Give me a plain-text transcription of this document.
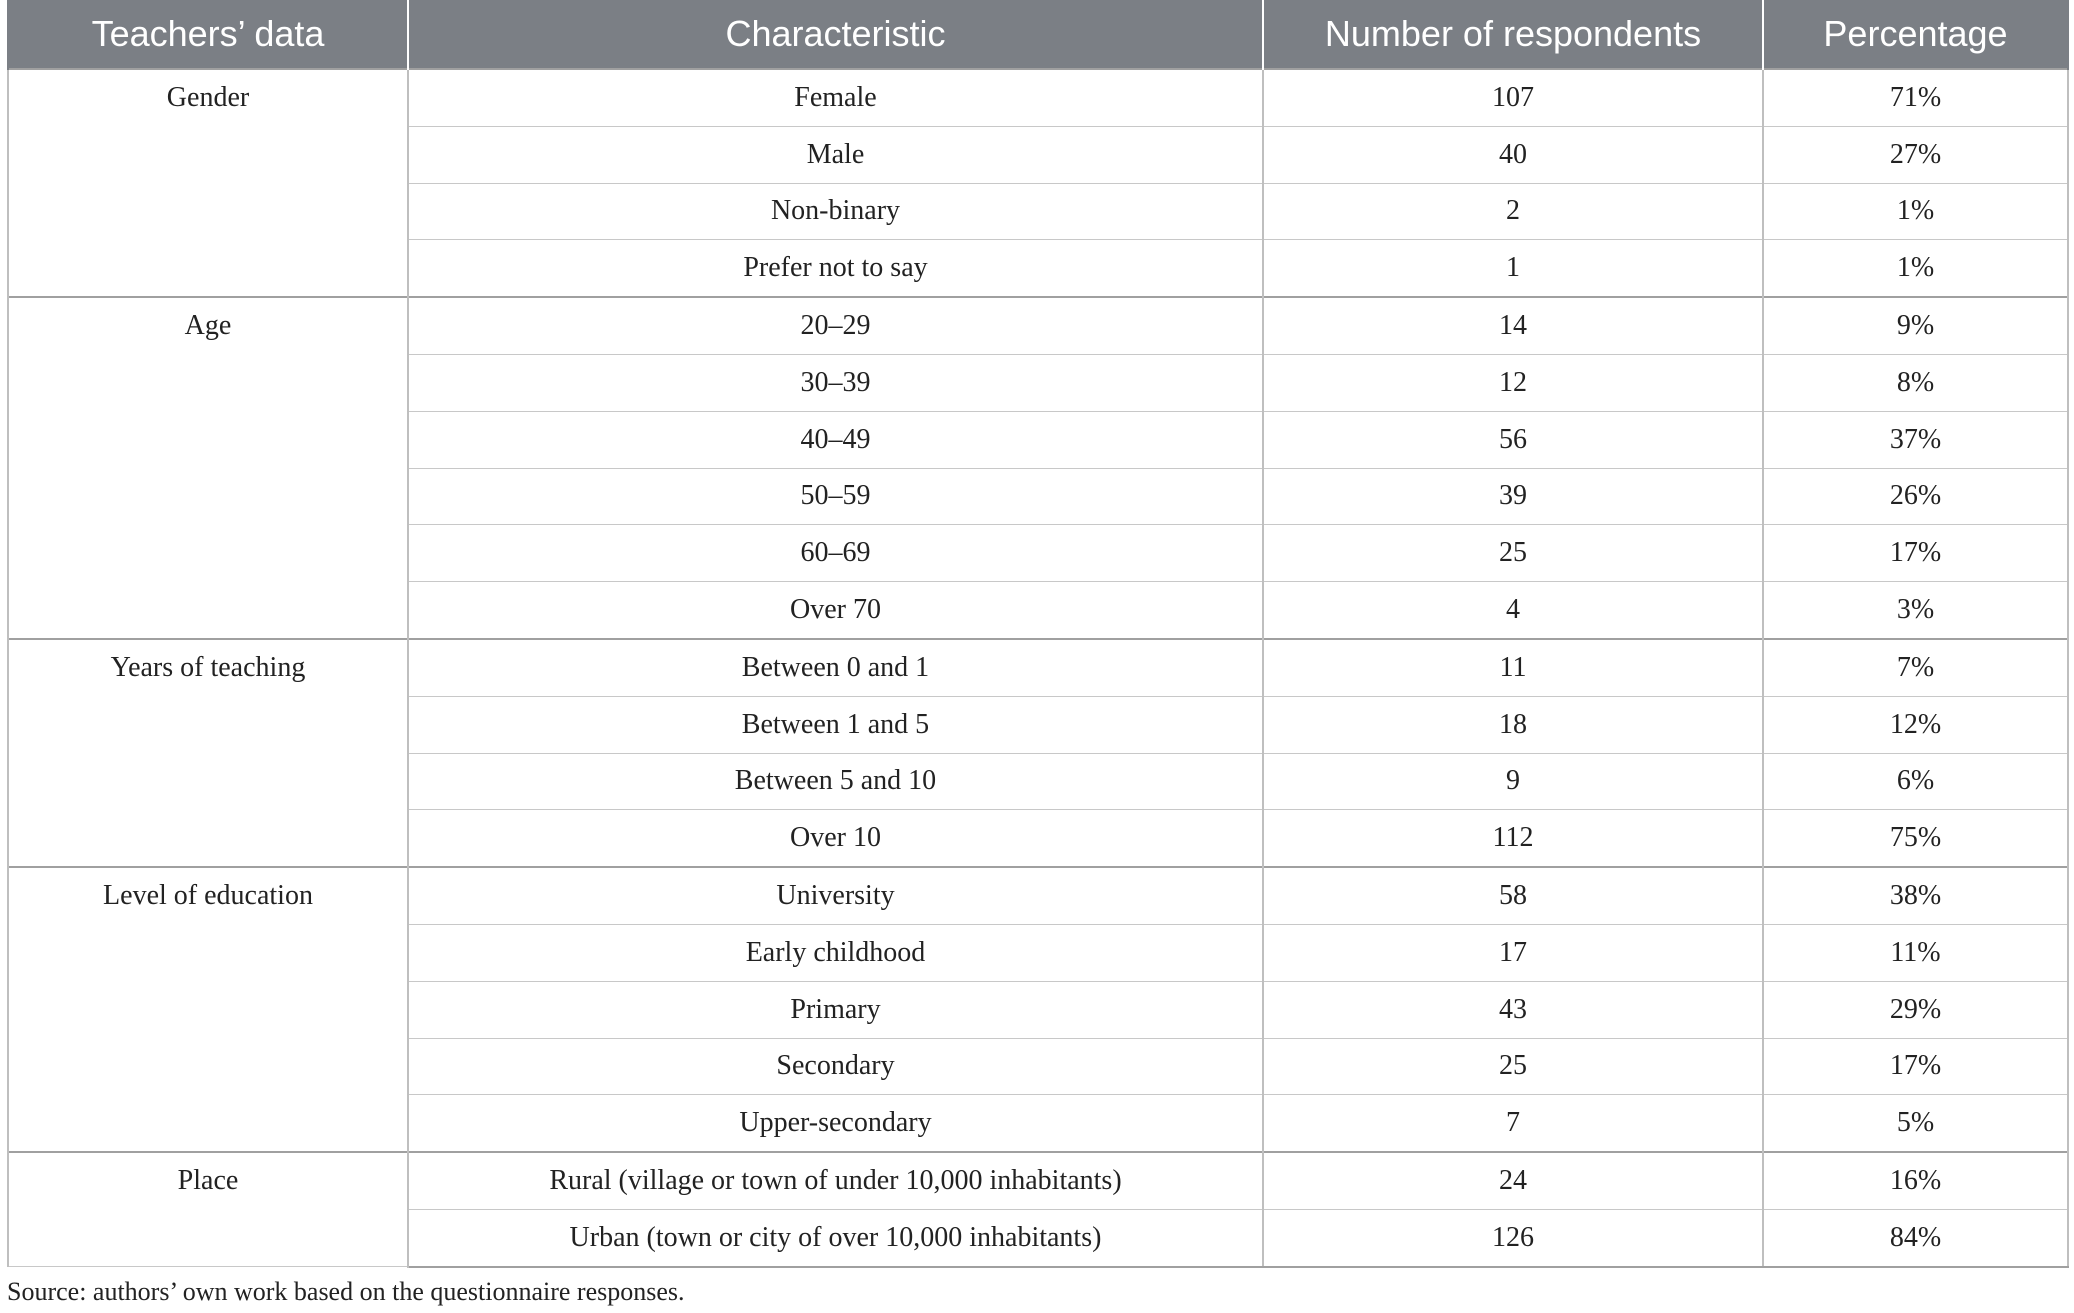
Teachers’ data	Characteristic	Number of respondents	Percentage
Gender	Female	107	71%
	Male	40	27%
	Non-binary	2	1%
	Prefer not to say	1	1%
Age	20–29	14	9%
	30–39	12	8%
	40–49	56	37%
	50–59	39	26%
	60–69	25	17%
	Over 70	4	3%
Years of teaching	Between 0 and 1	11	7%
	Between 1 and 5	18	12%
	Between 5 and 10	9	6%
	Over 10	112	75%
Level of education	University	58	38%
	Early childhood	17	11%
	Primary	43	29%
	Secondary	25	17%
	Upper-secondary	7	5%
Place	Rural (village or town of under 10,000 inhabitants)	24	16%
	Urban (town or city of over 10,000 inhabitants)	126	84%
Source: authors’ own work based on the questionnaire responses.
